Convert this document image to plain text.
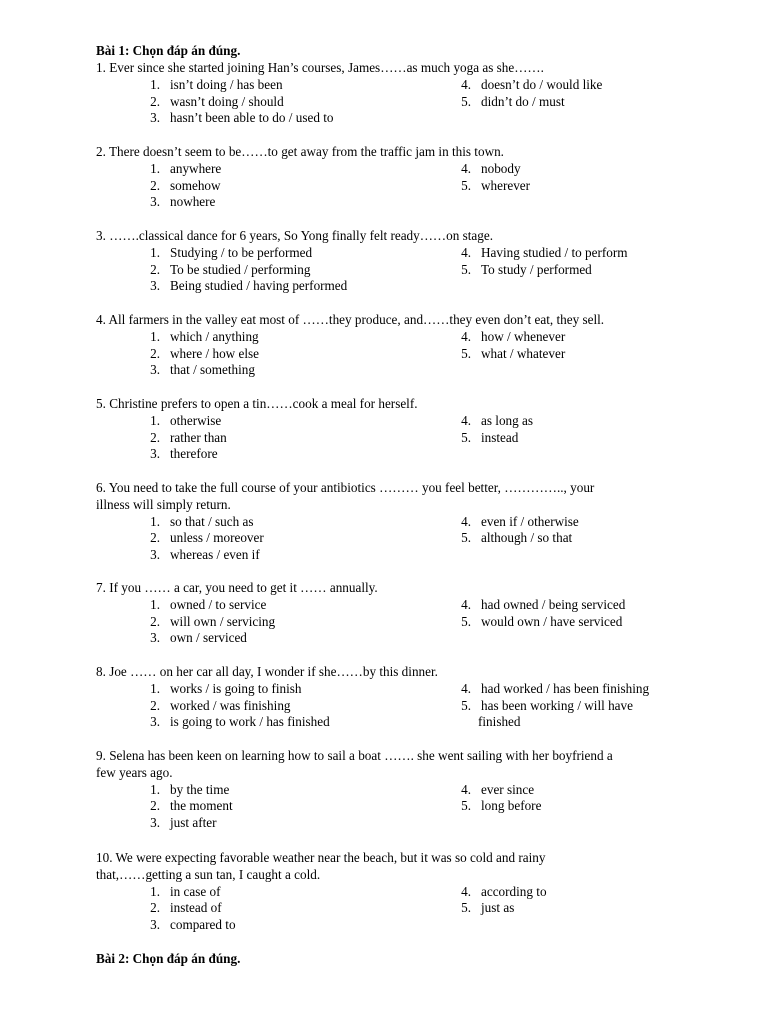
Bài 1: Chọn đáp án đúng.
1. Ever since she started joining Han’s courses, James……as much yoga as she…….
1. isn’t doing / has been
2. wasn’t doing / should
3. hasn’t been able to do / used to
4. doesn’t do / would like
5. didn’t do / must
2. There doesn’t seem to be……to get away from the traffic jam in this town.
1. anywhere
2. somehow
3. nowhere
4. nobody
5. wherever
3. …….classical dance for 6 years, So Yong finally felt ready……on stage.
1. Studying / to be performed
2. To be studied / performing
3. Being studied / having performed
4. Having studied / to perform
5. To study / performed
4. All farmers in the valley eat most of ……they produce, and……they even don’t eat, they sell.
1. which / anything
2. where / how else
3. that / something
4. how / whenever
5. what / whatever
5. Christine prefers to open a tin……cook a meal for herself.
1. otherwise
2. rather than
3. therefore
4. as long as
5. instead
6. You need to take the full course of your antibiotics ……… you feel better, ………….., your
illness will simply return.
1. so that / such as
2. unless / moreover
3. whereas / even if
4. even if / otherwise
5. although / so that
7. If you …… a car, you need to get it …… annually.
1. owned / to service
2. will own / servicing
3. own / serviced
4. had owned / being serviced
5. would own / have serviced
8. Joe …… on her car all day, I wonder if she……by this dinner.
1. works / is going to finish
2. worked / was finishing
3. is going to work / has finished
4. had worked / has been finishing
5. has been working / will have
finished
9. Selena has been keen on learning how to sail a boat ……. she went sailing with her boyfriend a
few years ago.
1. by the time
2. the moment
3. just after
4. ever since
5. long before
10. We were expecting favorable weather near the beach, but it was so cold and rainy
that,……getting a sun tan, I caught a cold.
1. in case of
2. instead of
3. compared to
4. according to
5. just as
Bài 2: Chọn đáp án đúng.
